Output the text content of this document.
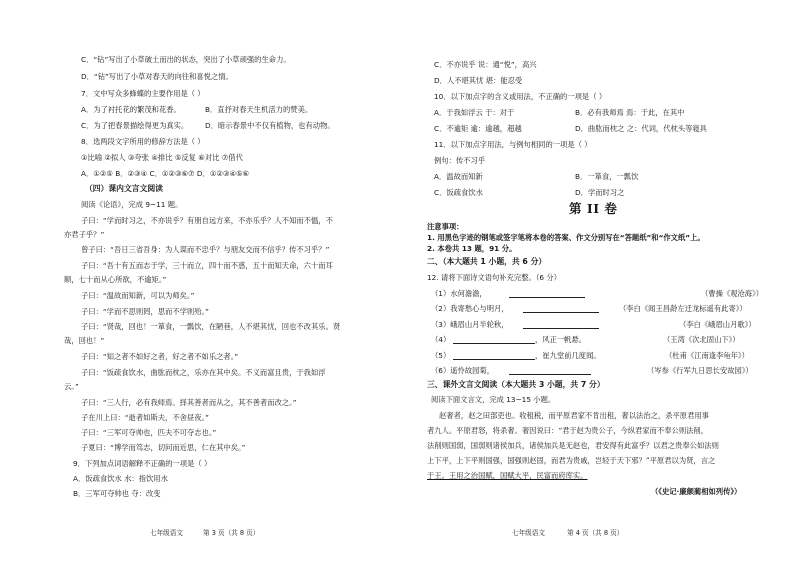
C．“钻”写出了小草破土而出的状态，突出了小草顽强的生命力。
D．“钻”写出了小草对春天的向往和喜悦之情。
7．文中写众多蜂蝶的主要作用是（ ）
A．为了衬托花的繁茂和花香。	B．直抒对春天生机活力的赞美。
C．为了把春景描绘得更为真实。	D．暗示春景中不仅有植物，也有动物。
8．选两段文字所用的修辞方法是（ ）
①比喻 ②拟人 ③夸张 ④排比 ⑤反复 ⑥对比 ⑦借代
A．①②⑤ B．②③④ C．①②③⑥⑦ D．①②③④⑤⑥
（四）课内文言文阅读
阅读《论语》，完成 9~11 题。
子曰：“学而时习之，不亦说乎？有朋自远方来，不亦乐乎？人不知而不愠，不
亦君子乎？”
曾子曰：“吾日三省吾身：为人谋而不忠乎？与朋友交而不信乎？传不习乎？”
子曰：“吾十有五而志于学，三十而立，四十而不惑，五十而知天命，六十而耳
顺，七十而从心所欲，不逾矩。”
子曰：“温故而知新，可以为师矣。”
子曰：“学而不思则罔，思而不学则殆。”
子曰：“贤哉，回也！一箪食，一瓢饮，在陋巷，人不堪其忧，回也不改其乐。贤
哉，回也！”
子曰：“知之者不如好之者，好之者不如乐之者。”
子曰：“饭疏食饮水，曲肱而枕之，乐亦在其中矣。不义而富且贵，于我如浮
云。”
子曰：“三人行，必有我师焉。择其善者而从之，其不善者而改之。”
子在川上曰：“逝者如斯夫，不舍昼夜。”
子曰：“三军可夺帅也，匹夫不可夺志也。”
子夏曰：“博学而笃志，切问而近思，仁在其中矣。”
9．下列加点词语解释不正确的一项是（ ）
A．饭疏食饮水 水：指饮用水
B．三军可夺帅也 夺：改变
七年级语文	第 3 页（共 8 页）
C．不亦说乎 说：通“悦”，高兴
D．人不堪其忧 堪：能忍受
10．以下加点字的含义或用法，不正确的一项是（ ）
A．于我如浮云 于：对于	B．必有我师焉 焉：于此，在其中
C．不逾矩 逾：逾越，超越	D．曲肱而枕之 之：代词，代枕头等寝具
11．以下加点字用法，与例句相同的一项是（ ）
例句：传不习乎
A．温故而知新	B．一箪食，一瓢饮
C．饭疏食饮水	D．学而时习之
第 II 卷
注意事项：
1. 用黑色字迹的钢笔或签字笔将本卷的答案、作文分别写在“答题纸”和“作文纸”上。
2. 本卷共 13 题，91 分。
二、（本大题共 1 小题，共 6 分）
12. 请将下面诗文语句补充完整。（6 分）
（1）水何澹澹，	（曹操《观沧海》）
（2）我寄愁心与明月，	（李白《闻王昌龄左迁龙标遥有此寄》）
（3）峨眉山月半轮秋，	（李白《峨眉山月歌》）
（4）	，风正一帆悬。	（王湾《次北固山下》）
（5）	，崔九堂前几度闻。	（杜甫《江南逢李龟年》）
（6）遥怜故园菊，	（岑参《行军九日思长安故园》）
三、课外文言文阅读（本大题共 3 小题，共 7 分）
阅读下面文言文，完成 13~15 小题。
赵奢者，赵之田部吏也。收租税，而平原君家不肯出租，奢以法治之，杀平原君用事
者九人。平原君怒，将杀奢。奢因说曰：“君于赵为贵公子，今纵君家而不奉公则法削，
法削则国弱，国弱则诸侯加兵，诸侯加兵是无赵也，君安得有此富乎？以君之贵奉公如法则
上下平，上下平则国强，国强则赵固，而君为贵戚，岂轻于天下邪？”平原君以为贤，言之
于王。王用之治国赋，国赋大平，民富而府库实。
（《史记·廉颇蔺相如列传》）
七年级语文	第 4 页（共 8 页）
